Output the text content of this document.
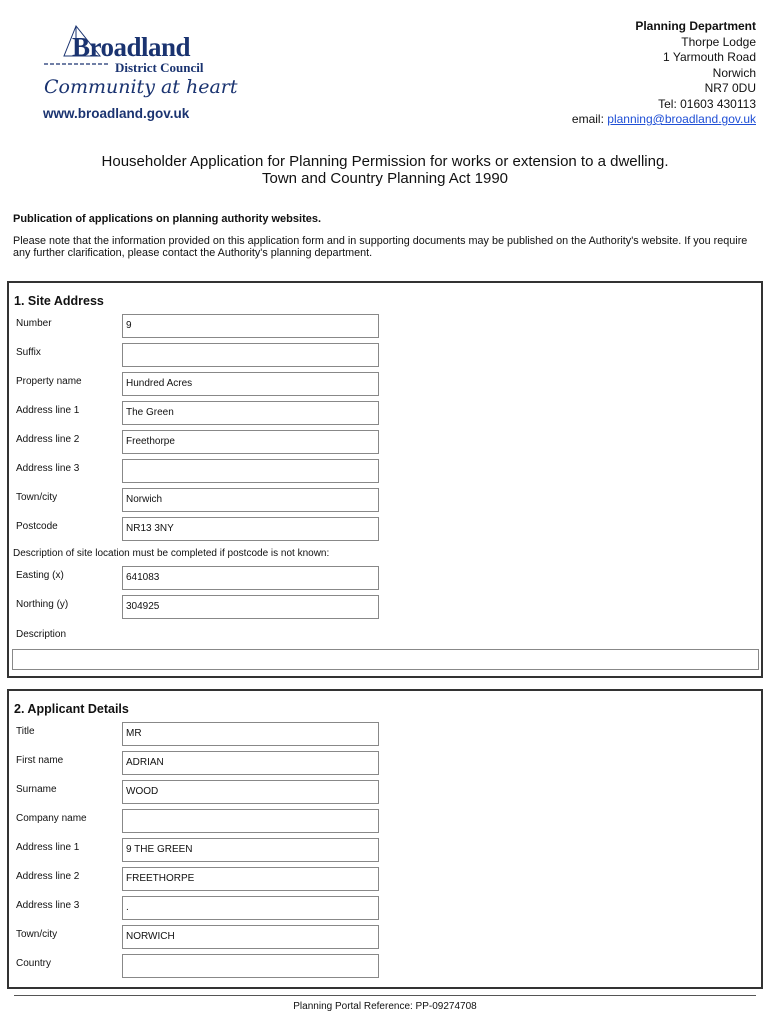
Broadland
District Council
Community at heart
www.broadland.gov.uk
Planning Department
Thorpe Lodge
1 Yarmouth Road
Norwich
NR7 0DU
Tel: 01603 430113
email: planning@broadland.gov.uk
Householder Application for Planning Permission for works or extension to a dwelling.
Town and Country Planning Act 1990
Publication of applications on planning authority websites.
Please note that the information provided on this application form and in supporting documents may be published on the Authority's website. If you require any further clarification, please contact the Authority's planning department.
1. Site Address
Number	9
Suffix
Property name	Hundred Acres
Address line 1	The Green
Address line 2	Freethorpe
Address line 3
Town/city	Norwich
Postcode	NR13 3NY
Description of site location must be completed if postcode is not known:
Easting (x)	641083
Northing (y)	304925
Description
2. Applicant Details
Title	MR
First name	ADRIAN
Surname	WOOD
Company name
Address line 1	9 THE GREEN
Address line 2	FREETHORPE
Address line 3	.
Town/city	NORWICH
Country
Planning Portal Reference: PP-09274708
